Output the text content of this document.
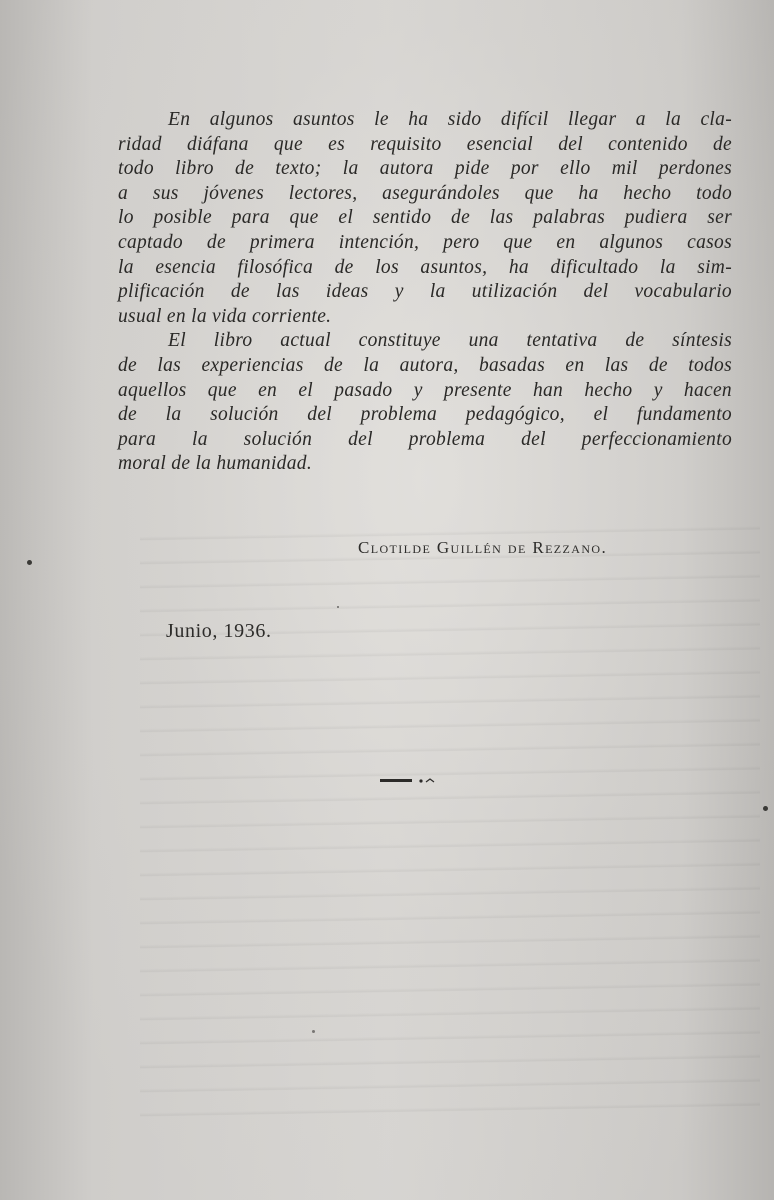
En algunos asuntos le ha sido difícil llegar a la cla-
ridad diáfana que es requisito esencial del contenido de
todo libro de texto; la autora pide por ello mil perdones
a sus jóvenes lectores, asegurándoles que ha hecho todo
lo posible para que el sentido de las palabras pudiera ser
captado de primera intención, pero que en algunos casos
la esencia filosófica de los asuntos, ha dificultado la sim-
plificación de las ideas y la utilización del vocabulario
usual en la vida corriente.

El libro actual constituye una tentativa de síntesis
de las experiencias de la autora, basadas en las de todos
aquellos que en el pasado y presente han hecho y hacen
de la solución del problema pedagógico, el fundamento
para la solución del problema del perfeccionamiento
moral de la humanidad.

Clotilde Guillén de Rezzano.
Junio, 1936.
